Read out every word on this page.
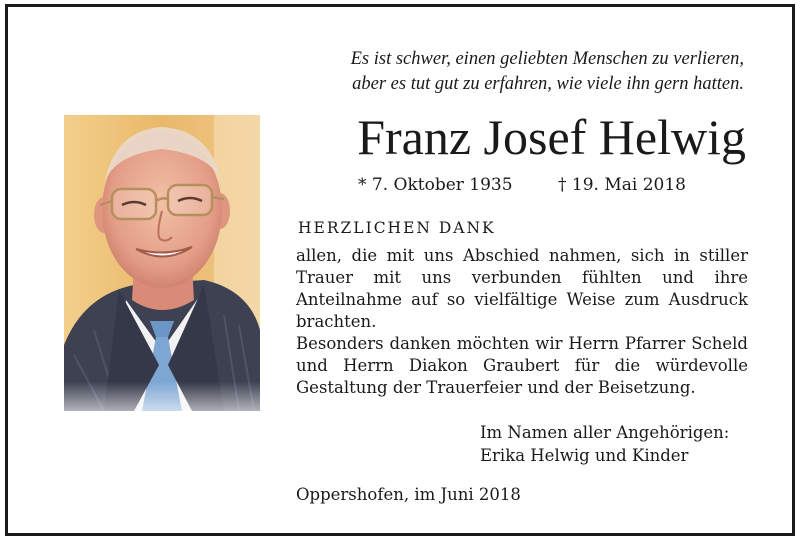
Es ist schwer, einen geliebten Menschen zu verlieren,
aber es tut gut zu erfahren, wie viele ihn gern hatten.
Franz Josef Helwig
* 7. Oktober 1935	† 19. Mai 2018
HERZLICHEN DANK
allen, die mit uns Abschied nahmen, sich in stiller Trauer mit uns verbunden fühlten und ihre Anteilnahme auf so vielfältige Weise zum Ausdruck brachten.
Besonders danken möchten wir Herrn Pfarrer Scheld und Herrn Diakon Graubert für die würdevolle Gestaltung der Trauerfeier und der Beisetzung.
Im Namen aller Angehörigen:
Erika Helwig und Kinder
Oppershofen, im Juni 2018
